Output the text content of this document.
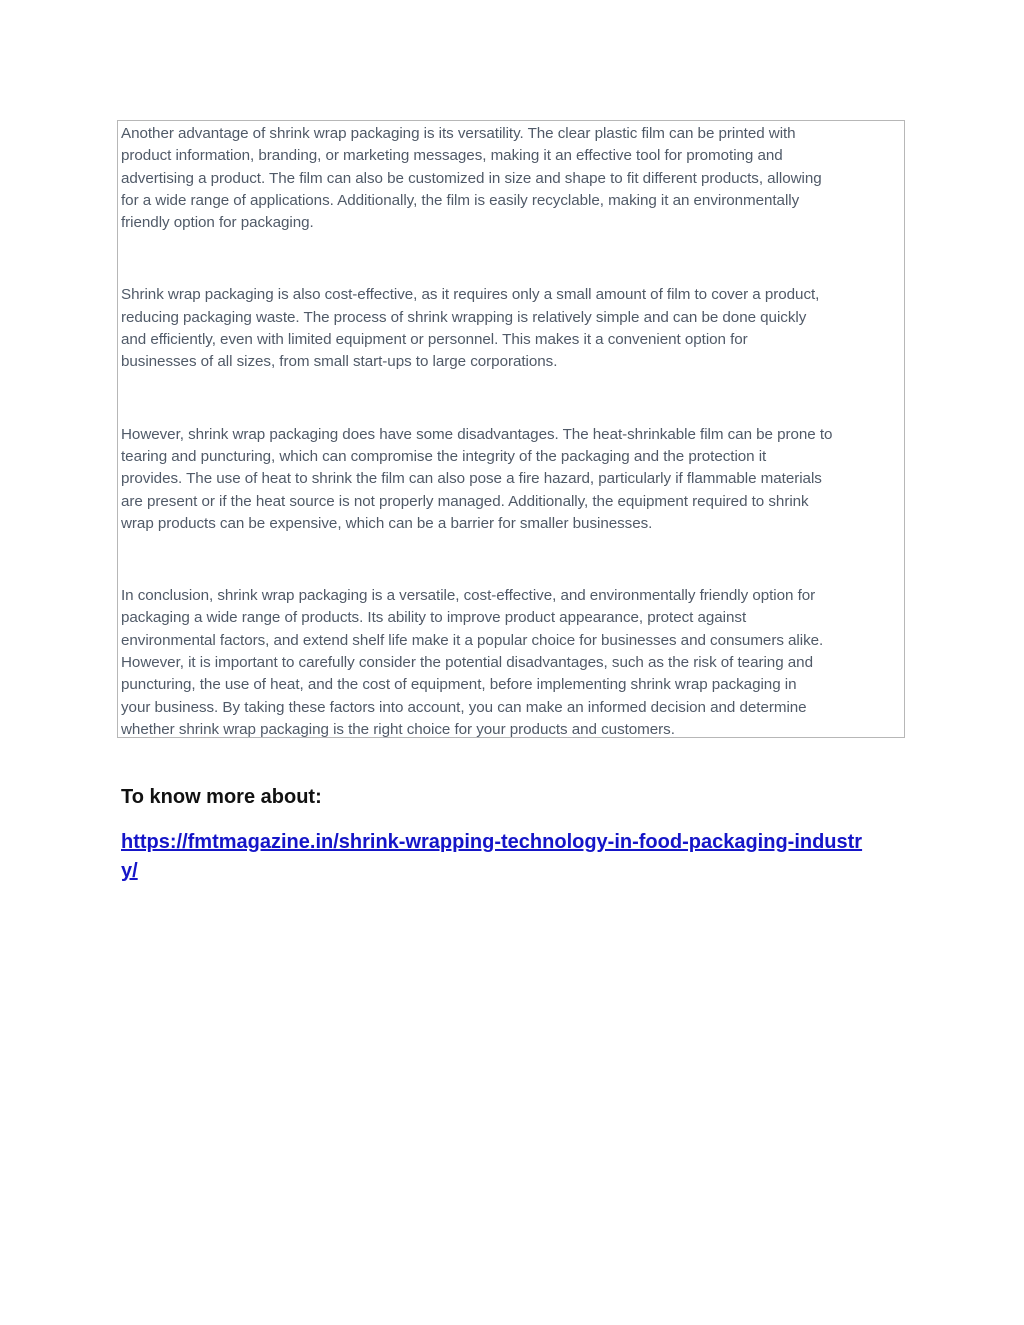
Another advantage of shrink wrap packaging is its versatility. The clear plastic film can be printed with
product information, branding, or marketing messages, making it an effective tool for promoting and
advertising a product. The film can also be customized in size and shape to fit different products, allowing
for a wide range of applications. Additionally, the film is easily recyclable, making it an environmentally
friendly option for packaging.

Shrink wrap packaging is also cost-effective, as it requires only a small amount of film to cover a product,
reducing packaging waste. The process of shrink wrapping is relatively simple and can be done quickly
and efficiently, even with limited equipment or personnel. This makes it a convenient option for
businesses of all sizes, from small start-ups to large corporations.

However, shrink wrap packaging does have some disadvantages. The heat-shrinkable film can be prone to
tearing and puncturing, which can compromise the integrity of the packaging and the protection it
provides. The use of heat to shrink the film can also pose a fire hazard, particularly if flammable materials
are present or if the heat source is not properly managed. Additionally, the equipment required to shrink
wrap products can be expensive, which can be a barrier for smaller businesses.

In conclusion, shrink wrap packaging is a versatile, cost-effective, and environmentally friendly option for
packaging a wide range of products. Its ability to improve product appearance, protect against
environmental factors, and extend shelf life make it a popular choice for businesses and consumers alike.
However, it is important to carefully consider the potential disadvantages, such as the risk of tearing and
puncturing, the use of heat, and the cost of equipment, before implementing shrink wrap packaging in
your business. By taking these factors into account, you can make an informed decision and determine
whether shrink wrap packaging is the right choice for your products and customers.

To know more about:
https://fmtmagazine.in/shrink-wrapping-technology-in-food-packaging-industr
y/
